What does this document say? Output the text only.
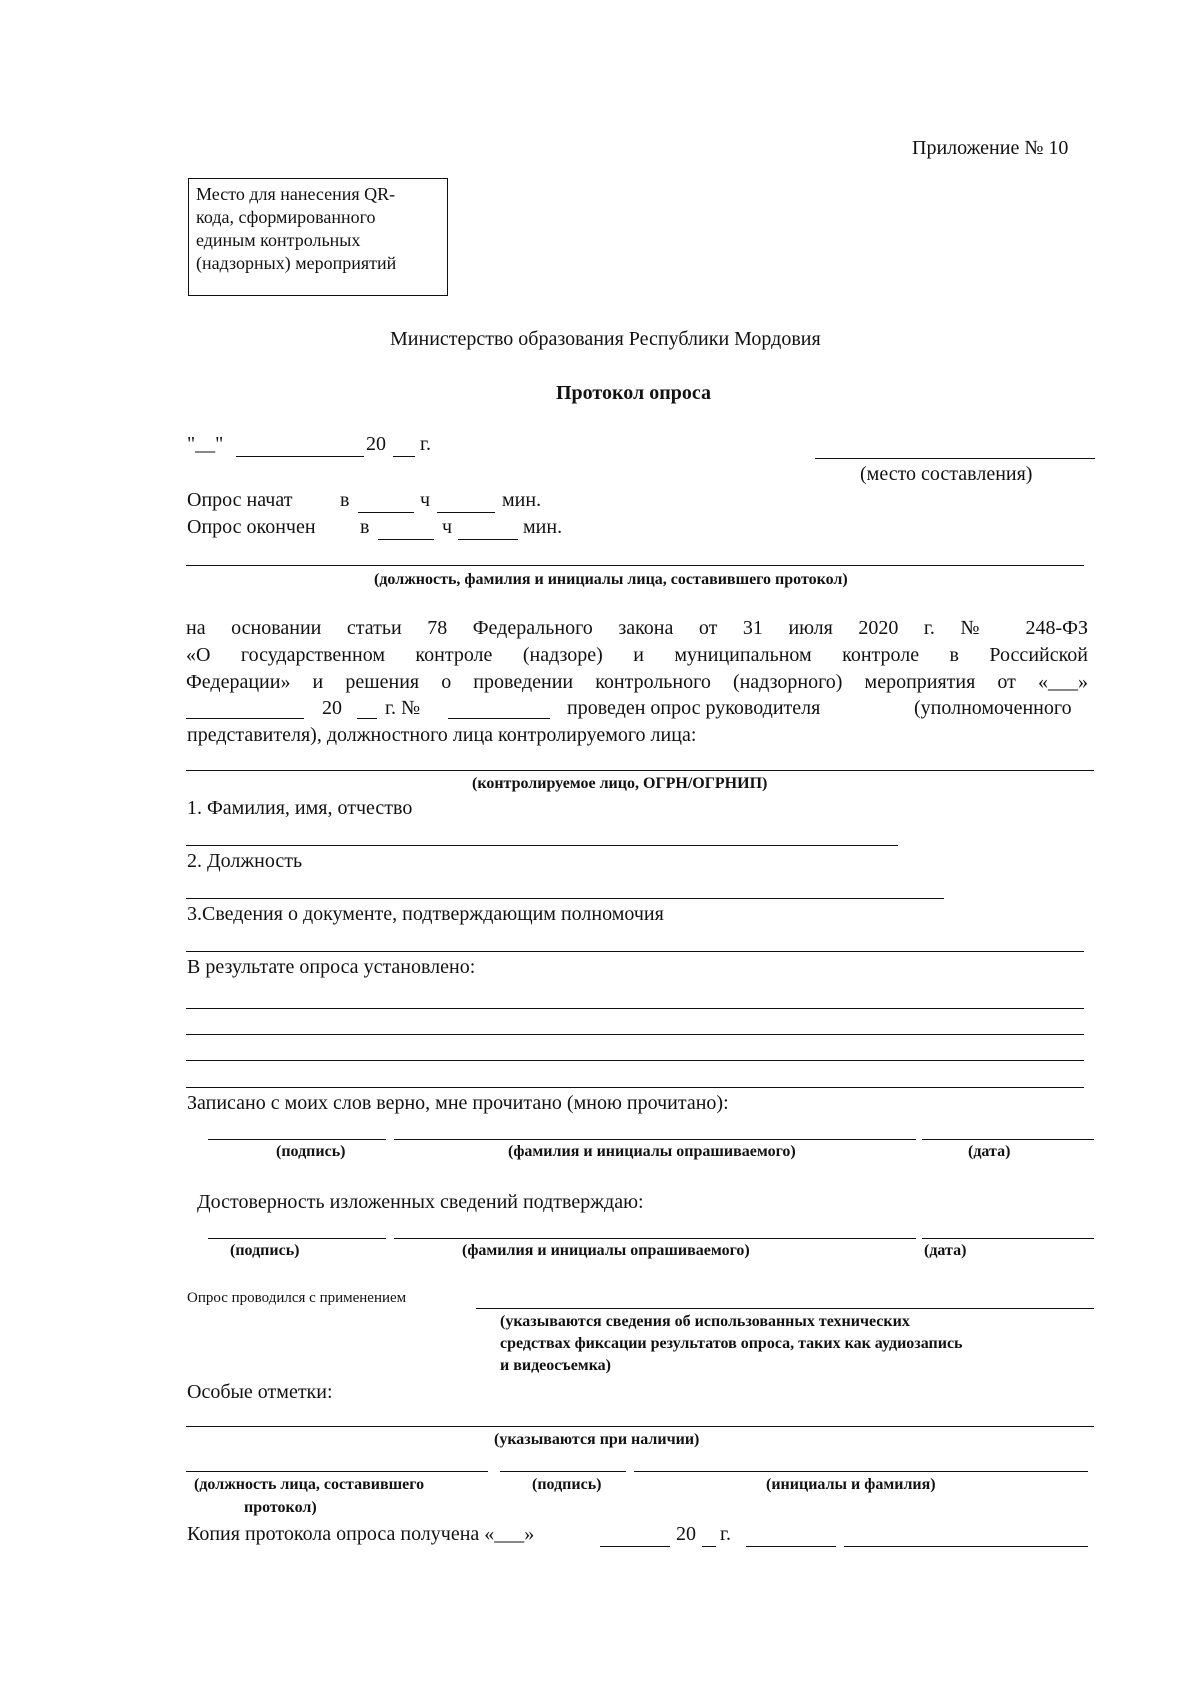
Приложение № 10
Место для нанесения QR-
кода, сформированного
единым контрольных
(надзорных) мероприятий
Министерство образования Республики Мордовия
Протокол опроса
"__"	20 г.
(место составления)
Опрос начат в	ч	мин.
Опрос окончен в	ч	мин.
(должность, фамилия и инициалы лица, составившего протокол)
на основании статьи 78 Федерального закона от 31 июля 2020 г. № 248-ФЗ
«О государственном контроле (надзоре) и муниципальном контроле в Российской
Федерации» и решения о проведении контрольного (надзорного) мероприятия от «___»
20 г. №	проведен опрос руководителя	(уполномоченного
представителя), должностного лица контролируемого лица:
(контролируемое лицо, ОГРН/ОГРНИП)
1. Фамилия, имя, отчество
2. Должность
3.Сведения о документе, подтверждающим полномочия
В результате опроса установлено:
Записано с моих слов верно, мне прочитано (мною прочитано):
(подпись)	(фамилия и инициалы опрашиваемого)	(дата)
Достоверность изложенных сведений подтверждаю:
(подпись)	(фамилия и инициалы опрашиваемого)	(дата)
Опрос проводился с применением
(указываются сведения об использованных технических
средствах фиксации результатов опроса, таких как аудиозапись
и видеосъемка)
Особые отметки:
(указываются при наличии)
(должность лица, составившего
протокол)
(подпись)	(инициалы и фамилия)
Копия протокола опроса получена «___»	20 г.
